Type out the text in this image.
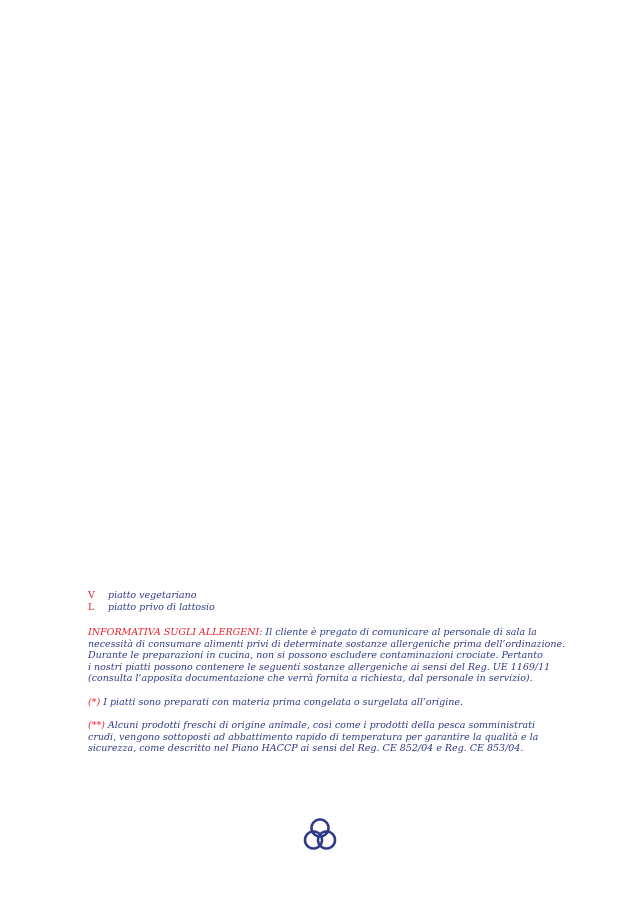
V	piatto vegetariano
L	piatto privo di lattosio

INFORMATIVA SUGLI ALLERGENI: Il cliente è pregato di comunicare al personale di sala la
necessità di consumare alimenti privi di determinate sostanze allergeniche prima dell’ordinazione.
Durante le preparazioni in cucina, non si possono escludere contaminazioni crociate. Pertanto
i nostri piatti possono contenere le seguenti sostanze allergeniche ai sensi del Reg. UE 1169/11
(consulta l’apposita documentazione che verrà fornita a richiesta, dal personale in servizio).

(*) I piatti sono preparati con materia prima congelata o surgelata all’origine.

(**) Alcuni prodotti freschi di origine animale, così come i prodotti della pesca somministrati
crudi, vengono sottoposti ad abbattimento rapido di temperatura per garantire la qualità e la
sicurezza, come descritto nel Piano HACCP ai sensi del Reg. CE 852/04 e Reg. CE 853/04.
